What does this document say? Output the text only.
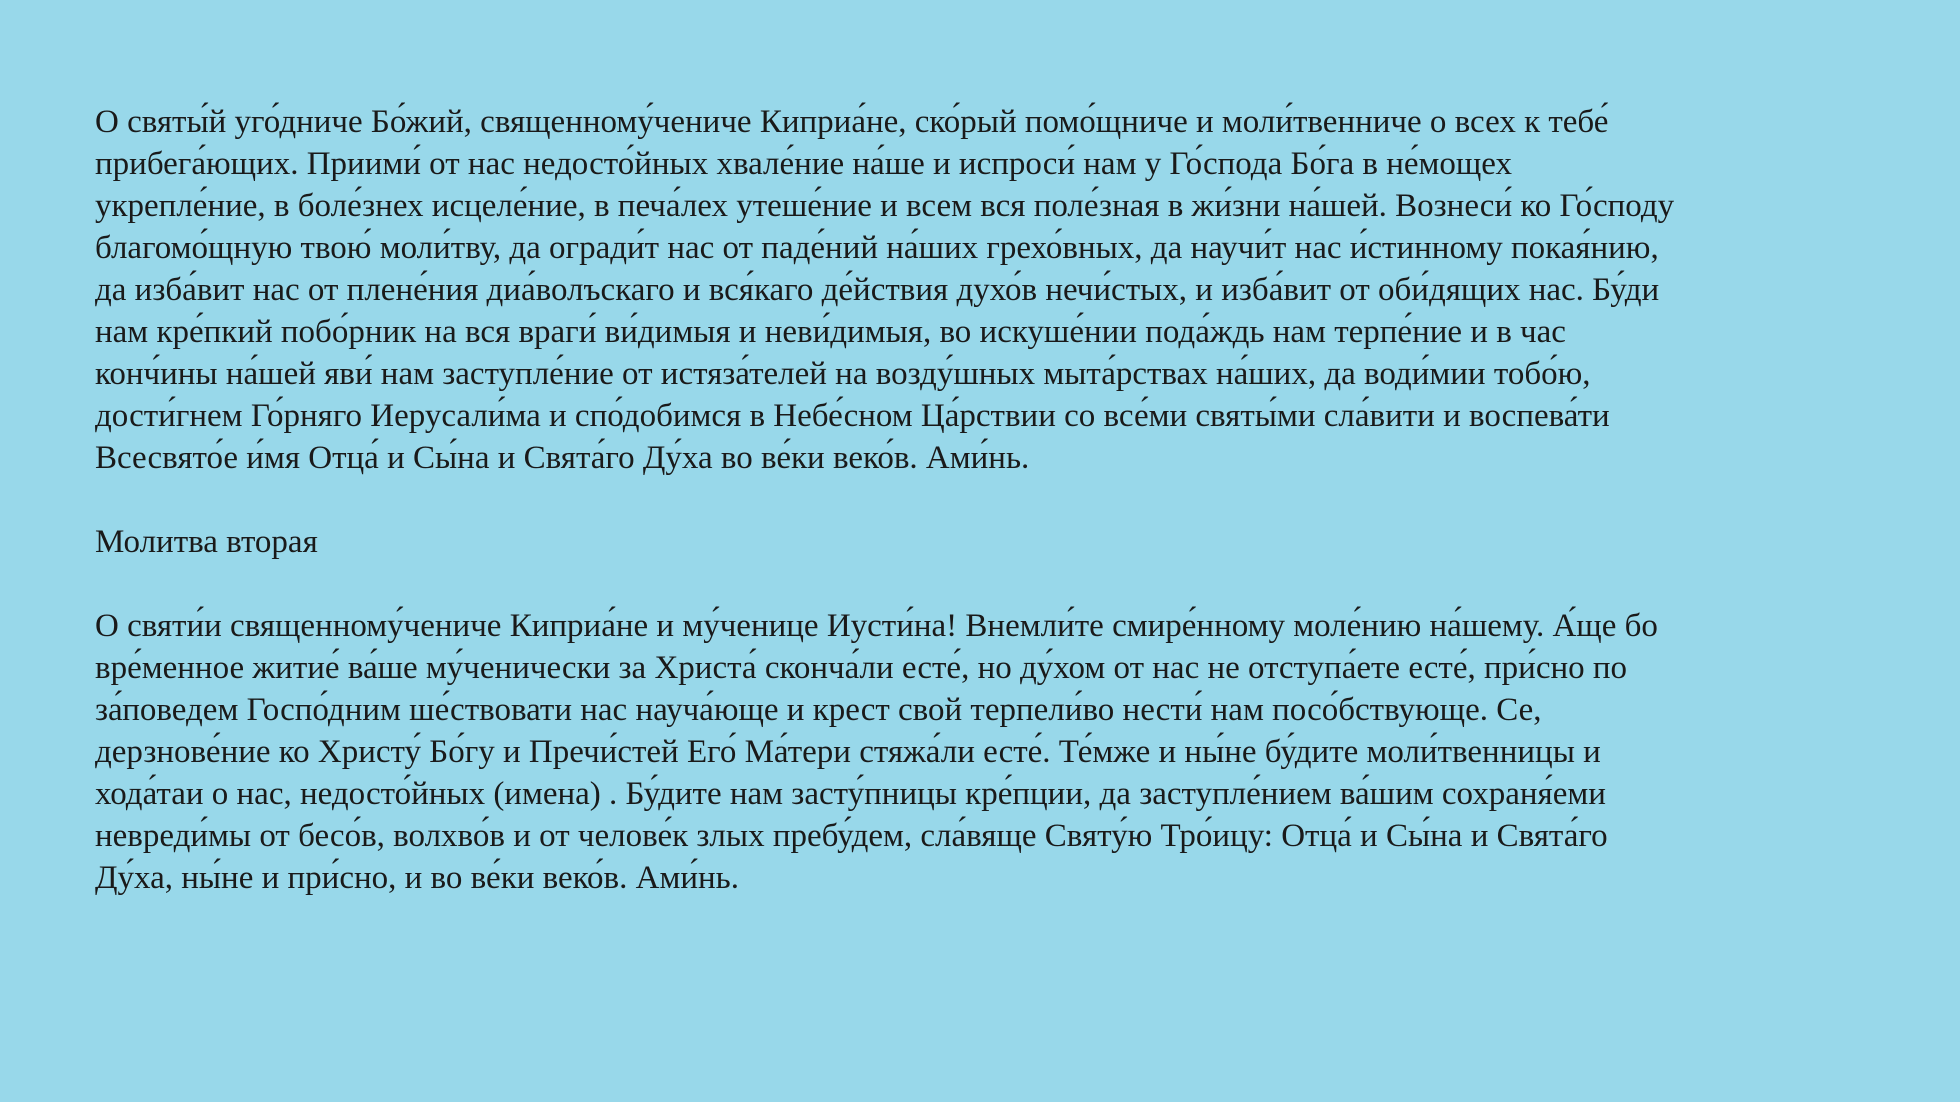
О святы́й уго́дниче Бо́жий, священному́чениче Киприа́не, ско́рый помо́щниче и моли́твенниче о всех к тебе́

прибега́ющих. Приими́ от нас недосто́йных хвале́ние на́ше и испроси́ нам у Го́спода Бо́га в не́мощех

укрепле́ние, в боле́знех исцеле́ние, в печа́лех утеше́ние и всем вся поле́зная в жи́зни на́шей. Вознеси́ ко Го́споду

благомо́щную твою́ моли́тву, да огради́т нас от паде́ний на́ших грехо́вных, да научи́т нас и́стинному покая́нию,

да изба́вит нас от плене́ния диа́волъскаго и вся́каго де́йствия духо́в нечи́стых, и изба́вит от оби́дящих нас. Бу́ди

нам кре́пкий побо́рник на вся враги́ ви́димыя и неви́димыя, во искуше́нии пода́ждь нам терпе́ние и в час

конч́ины на́шей яви́ нам заступле́ние от истяза́телей на возду́шных мыта́рствах на́ших, да води́мии тобо́ю,

дости́гнем Го́рняго Иерусали́ма и спо́добимся в Небе́сном Ца́рствии со все́ми святы́ми сла́вити и воспева́ти

Всесвято́е и́мя Отца́ и Сы́на и Свята́го Ду́ха во ве́ки веко́в. Ами́нь.

Молитва вторая

О святи́и священному́чениче Киприа́не и му́ченице Иусти́на! Внемли́те смире́нному моле́нию на́шему. А́ще бо

вре́менное житие́ ва́ше му́ченически за Христа́ сконча́ли есте́, но ду́хом от нас не отступа́ете есте́, при́сно по

за́поведем Госпо́дним ше́ствовати нас науча́юще и крест свой терпели́во нести́ нам посо́бствующе. Се,

дерзнове́ние ко Христу́ Бо́гу и Пречи́стей Его́ Ма́тери стяжа́ли есте́. Те́мже и ны́не бу́дите моли́твенницы и

хода́таи о нас, недосто́йных (имена) . Бу́дите нам засту́пницы кре́пции, да заступле́нием ва́шим сохраня́еми

невреди́мы от бесо́в, волхво́в и от челове́к злых пребу́дем, сла́вяще Святу́ю Тро́ицу: Отца́ и Сы́на и Свята́го

Ду́ха, ны́не и при́сно, и во ве́ки веко́в. Ами́нь.
